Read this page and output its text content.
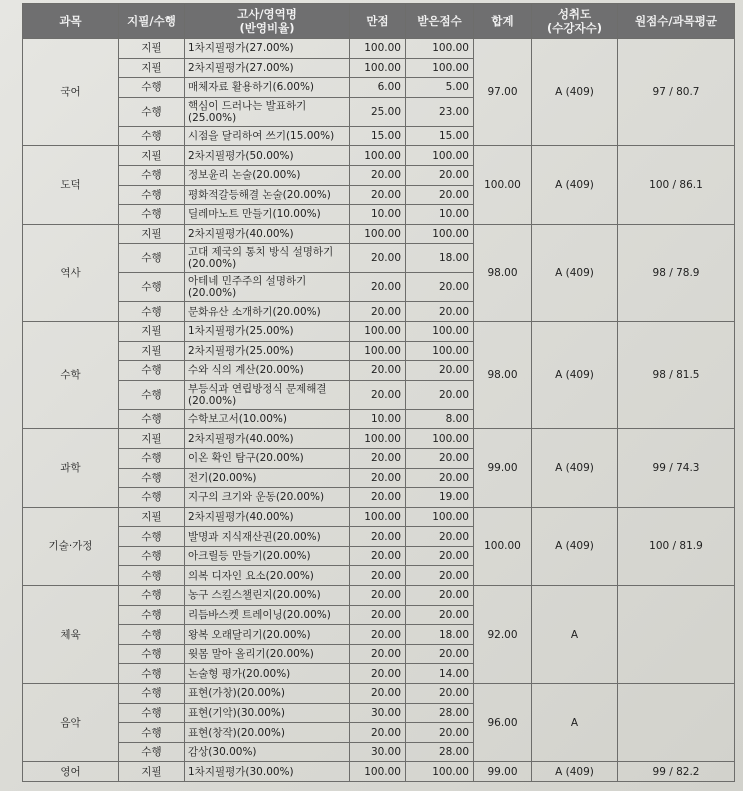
과목	지필/수행	고사/영역명
(반영비율)	만점	받은점수	합계	성취도
(수강자수)	원점수/과목평균
국어	지필	1차지필평가(27.00%)	100.00	100.00	97.00	A (409)	97 / 80.7
	지필	2차지필평가(27.00%)	100.00	100.00			
	수행	매체자료 활용하기(6.00%)	6.00	5.00			
	수행	핵심이 드러나는 발표하기(25.00%)	25.00	23.00			
	수행	시점을 달리하여 쓰기(15.00%)	15.00	15.00			
도덕	지필	2차지필평가(50.00%)	100.00	100.00	100.00	A (409)	100 / 86.1
	수행	정보윤리 논술(20.00%)	20.00	20.00			
	수행	평화적갈등해결 논술(20.00%)	20.00	20.00			
	수행	딜레마노트 만들기(10.00%)	10.00	10.00			
역사	지필	2차지필평가(40.00%)	100.00	100.00	98.00	A (409)	98 / 78.9
	수행	고대 제국의 통치 방식 설명하기(20.00%)	20.00	18.00			
	수행	아테네 민주주의 설명하기(20.00%)	20.00	20.00			
	수행	문화유산 소개하기(20.00%)	20.00	20.00			
수학	지필	1차지필평가(25.00%)	100.00	100.00	98.00	A (409)	98 / 81.5
	지필	2차지필평가(25.00%)	100.00	100.00			
	수행	수와 식의 계산(20.00%)	20.00	20.00			
	수행	부등식과 연립방정식 문제해결(20.00%)	20.00	20.00			
	수행	수학보고서(10.00%)	10.00	8.00			
과학	지필	2차지필평가(40.00%)	100.00	100.00	99.00	A (409)	99 / 74.3
	수행	이온 확인 탐구(20.00%)	20.00	20.00			
	수행	전기(20.00%)	20.00	20.00			
	수행	지구의 크기와 운동(20.00%)	20.00	19.00			
기술·가정	지필	2차지필평가(40.00%)	100.00	100.00	100.00	A (409)	100 / 81.9
	수행	발명과 지식재산권(20.00%)	20.00	20.00			
	수행	아크릴등 만들기(20.00%)	20.00	20.00			
	수행	의복 디자인 요소(20.00%)	20.00	20.00			
체육	수행	농구 스킬스챌린지(20.00%)	20.00	20.00	92.00	A	
	수행	리듬바스켓 트레이닝(20.00%)	20.00	20.00			
	수행	왕복 오래달리기(20.00%)	20.00	18.00			
	수행	윗몸 말아 올리기(20.00%)	20.00	20.00			
	수행	논술형 평가(20.00%)	20.00	14.00			
음악	수행	표현(가창)(20.00%)	20.00	20.00	96.00	A	
	수행	표현(기악)(30.00%)	30.00	28.00			
	수행	표현(창작)(20.00%)	20.00	20.00			
	수행	감상(30.00%)	30.00	28.00			
영어	지필	1차지필평가(30.00%)	100.00	100.00	99.00	A (409)	99 / 82.2
